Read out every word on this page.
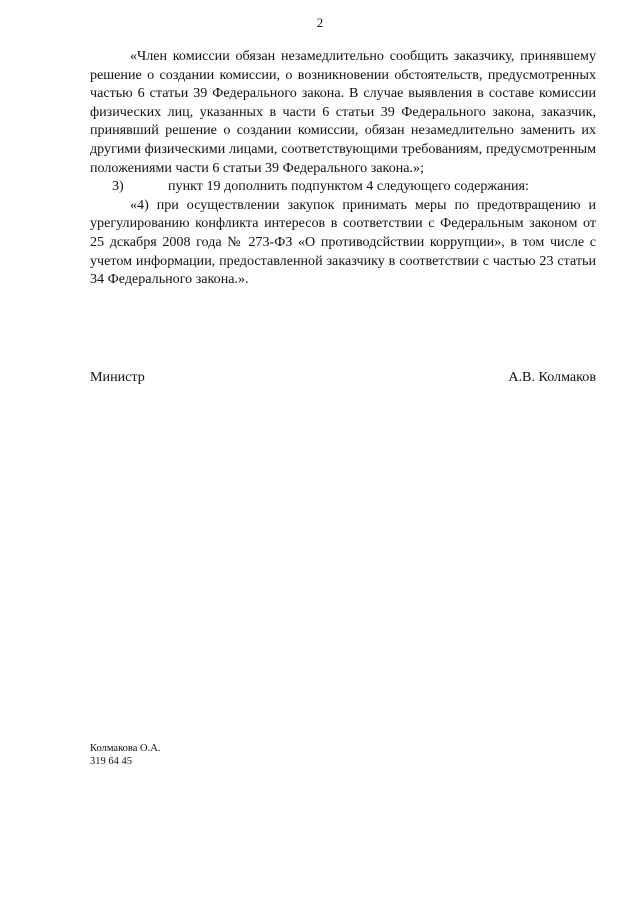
2

«Член комиссии обязан незамедлительно сообщить заказчику, принявшему решение о создании комиссии, о возникновении обстоятельств, предусмотренных частью 6 статьи 39 Федерального закона. В случае выявления в составе комиссии физических лиц, указанных в части 6 статьи 39 Федерального закона, заказчик, принявший решение о создании комиссии, обязан незамедлительно заменить их другими физическими лицами, соответствующими требованиям, предусмотренным положениями части 6 статьи 39 Федерального закона.»;

3)	пункт 19 дополнить подпунктом 4 следующего содержания:

«4) при осуществлении закупок принимать меры по предотвращению и урегулированию конфликта интересов в соответствии с Федеральным законом от 25 дскабря 2008 года № 273-ФЗ «О противодсйствии коррупции», в том числе с учетом информации, предоставленной заказчику в соответствии с частью 23 статьи 34 Федерального закона.».

Министр	А.В. Колмаков
Колмакова О.А.
319 64 45
